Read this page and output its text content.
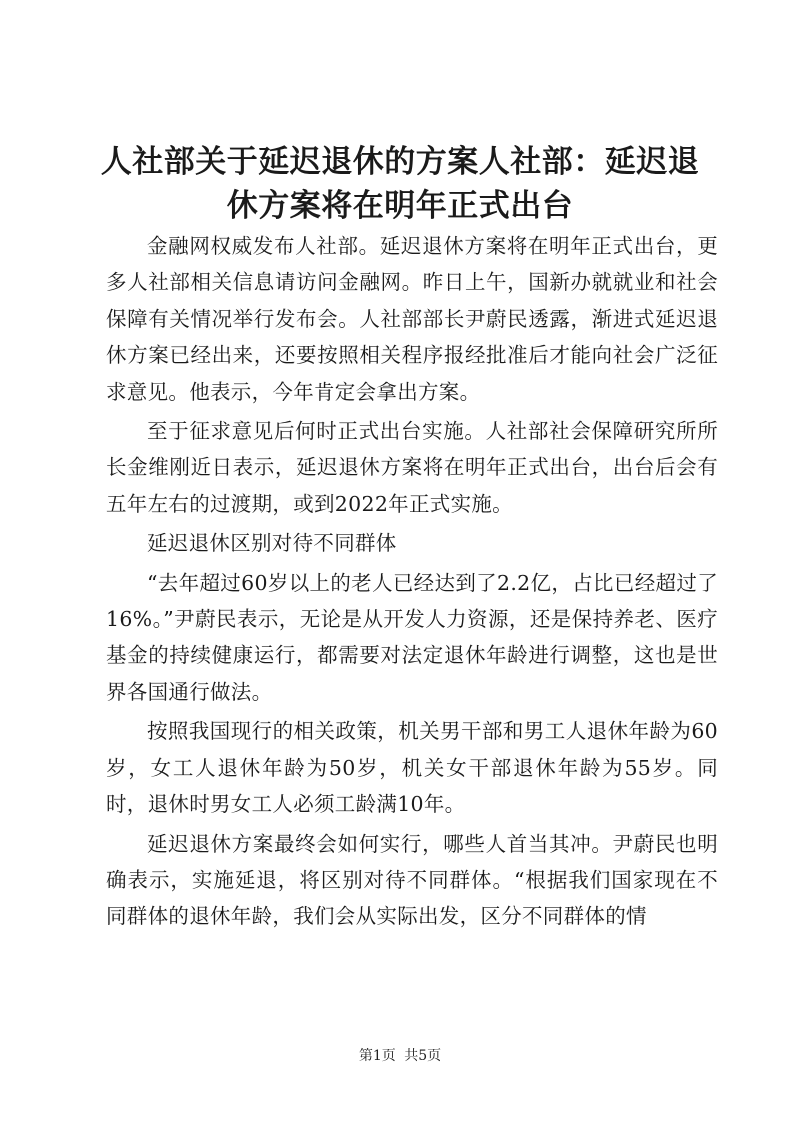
人社部关于延迟退休的方案人社部：延迟退休方案将在明年正式出台

金融网权威发布人社部。延迟退休方案将在明年正式出台，更多人社部相关信息请访问金融网。昨日上午，国新办就就业和社会保障有关情况举行发布会。人社部部长尹蔚民透露，渐进式延迟退休方案已经出来，还要按照相关程序报经批准后才能向社会广泛征求意见。他表示，今年肯定会拿出方案。

至于征求意见后何时正式出台实施。人社部社会保障研究所所长金维刚近日表示，延迟退休方案将在明年正式出台，出台后会有五年左右的过渡期，或到2022年正式实施。

延迟退休区别对待不同群体

“去年超过60岁以上的老人已经达到了2.2亿，占比已经超过了16%。”尹蔚民表示，无论是从开发人力资源，还是保持养老、医疗基金的持续健康运行，都需要对法定退休年龄进行调整，这也是世界各国通行做法。

按照我国现行的相关政策，机关男干部和男工人退休年龄为60岁，女工人退休年龄为50岁，机关女干部退休年龄为55岁。同时，退休时男女工人必须工龄满10年。

延迟退休方案最终会如何实行，哪些人首当其冲。尹蔚民也明确表示，实施延退，将区别对待不同群体。“根据我们国家现在不同群体的退休年龄，我们会从实际出发，区分不同群体的情

第1页 共5页
